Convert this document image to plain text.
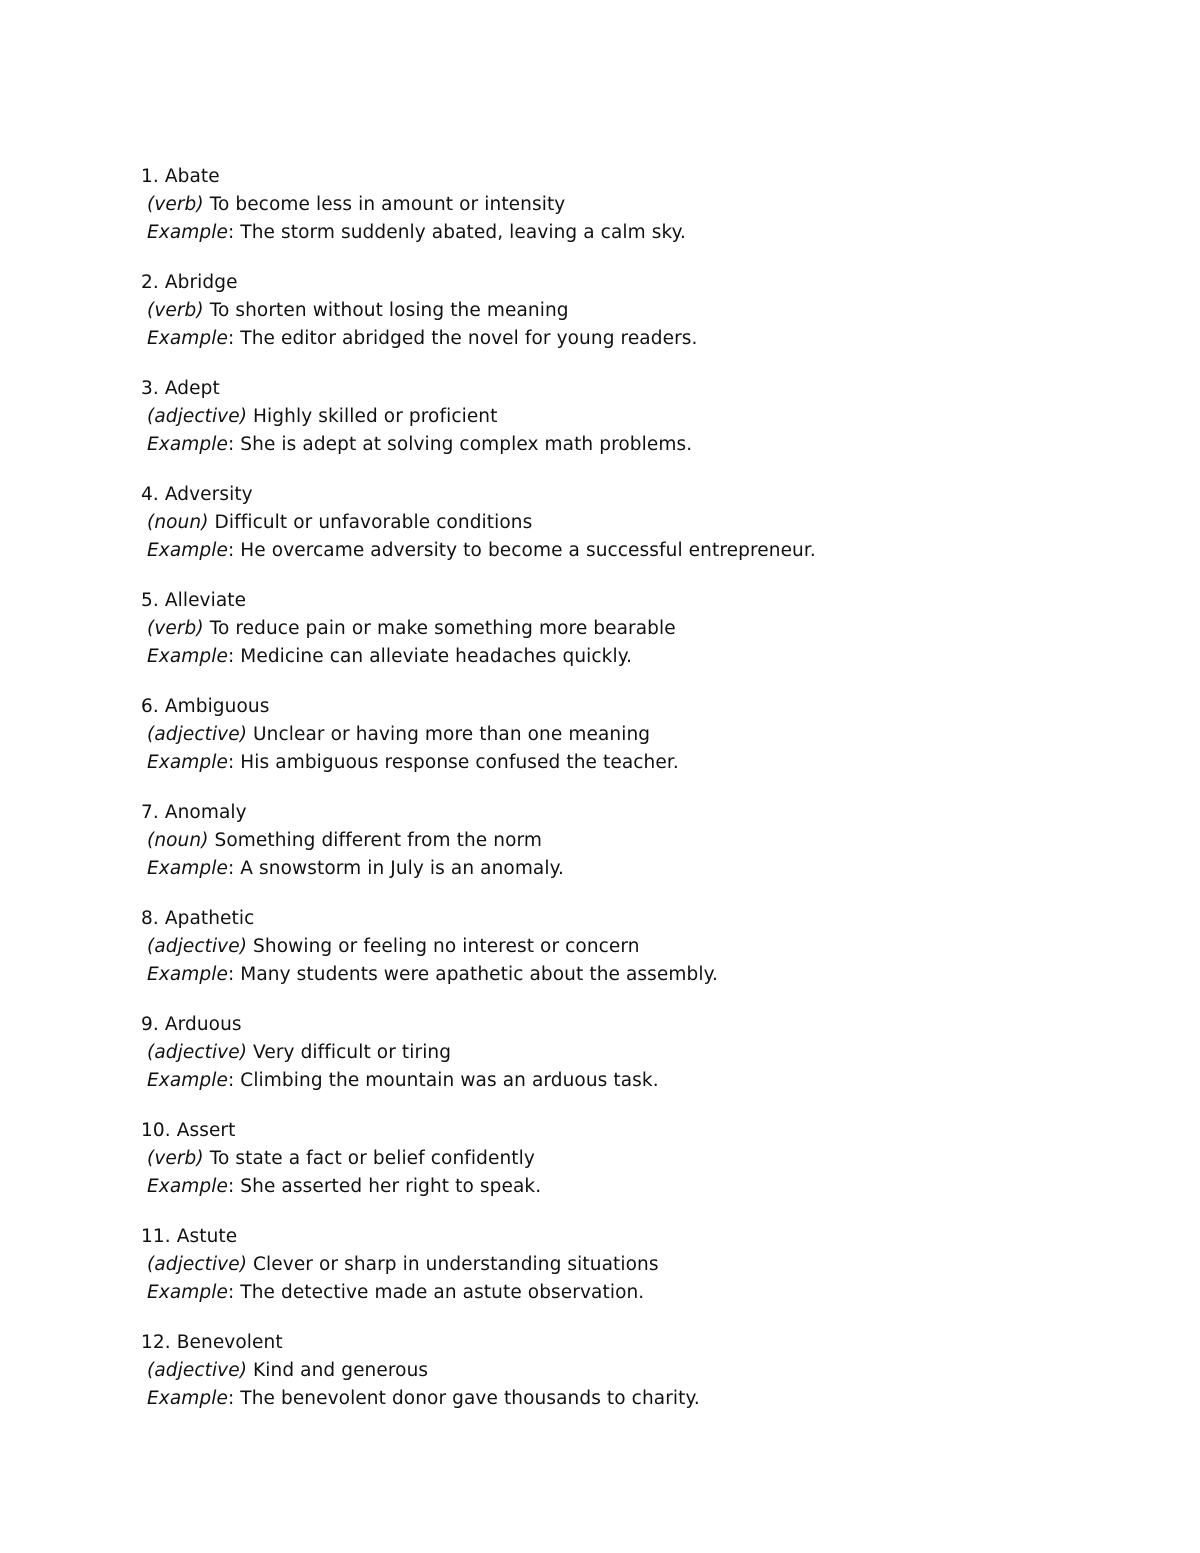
1. Abate
(verb) To become less in amount or intensity
Example: The storm suddenly abated, leaving a calm sky.
2. Abridge
(verb) To shorten without losing the meaning
Example: The editor abridged the novel for young readers.
3. Adept
(adjective) Highly skilled or proficient
Example: She is adept at solving complex math problems.
4. Adversity
(noun) Difficult or unfavorable conditions
Example: He overcame adversity to become a successful entrepreneur.
5. Alleviate
(verb) To reduce pain or make something more bearable
Example: Medicine can alleviate headaches quickly.
6. Ambiguous
(adjective) Unclear or having more than one meaning
Example: His ambiguous response confused the teacher.
7. Anomaly
(noun) Something different from the norm
Example: A snowstorm in July is an anomaly.
8. Apathetic
(adjective) Showing or feeling no interest or concern
Example: Many students were apathetic about the assembly.
9. Arduous
(adjective) Very difficult or tiring
Example: Climbing the mountain was an arduous task.
10. Assert
(verb) To state a fact or belief confidently
Example: She asserted her right to speak.
11. Astute
(adjective) Clever or sharp in understanding situations
Example: The detective made an astute observation.
12. Benevolent
(adjective) Kind and generous
Example: The benevolent donor gave thousands to charity.
